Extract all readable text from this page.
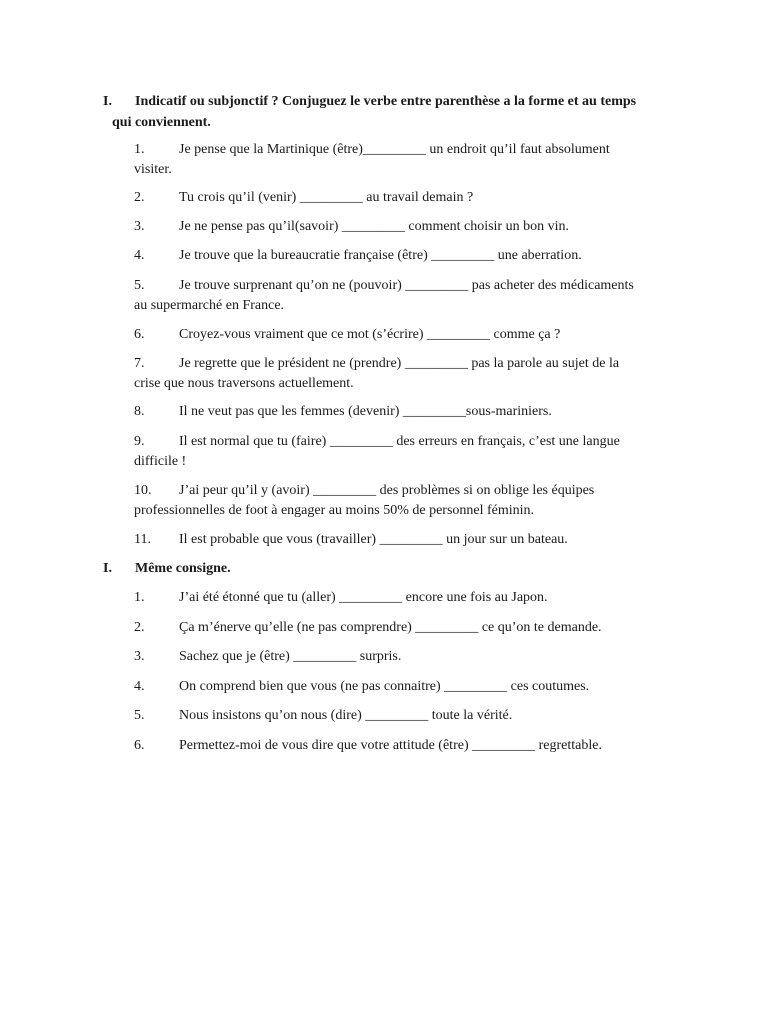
I.	Indicatif ou subjonctif ? Conjuguez le verbe entre parenthèse a la forme et au temps
qui conviennent.
1. Je pense que la Martinique (être)_________ un endroit qu’il faut absolument
visiter.
2. Tu crois qu’il (venir) _________ au travail demain ?
3. Je ne pense pas qu’il(savoir) _________ comment choisir un bon vin.
4. Je trouve que la bureaucratie française (être) _________ une aberration.
5. Je trouve surprenant qu’on ne (pouvoir) _________ pas acheter des médicaments
au supermarché en France.
6. Croyez-vous vraiment que ce mot (s’écrire) _________ comme ça ?
7. Je regrette que le président ne (prendre) _________ pas la parole au sujet de la
crise que nous traversons actuellement.
8. Il ne veut pas que les femmes (devenir) _________sous-mariniers.
9. Il est normal que tu (faire) _________ des erreurs en français, c’est une langue
difficile !
10. J’ai peur qu’il y (avoir) _________ des problèmes si on oblige les équipes
professionnelles de foot à engager au moins 50% de personnel féminin.
11. Il est probable que vous (travailler) _________ un jour sur un bateau.
I.	Même consigne.
1. J’ai été étonné que tu (aller) _________ encore une fois au Japon.
2. Ça m’énerve qu’elle (ne pas comprendre) _________ ce qu’on te demande.
3. Sachez que je (être) _________ surpris.
4. On comprend bien que vous (ne pas connaitre) _________ ces coutumes.
5. Nous insistons qu’on nous (dire) _________ toute la vérité.
6. Permettez-moi de vous dire que votre attitude (être) _________ regrettable.
